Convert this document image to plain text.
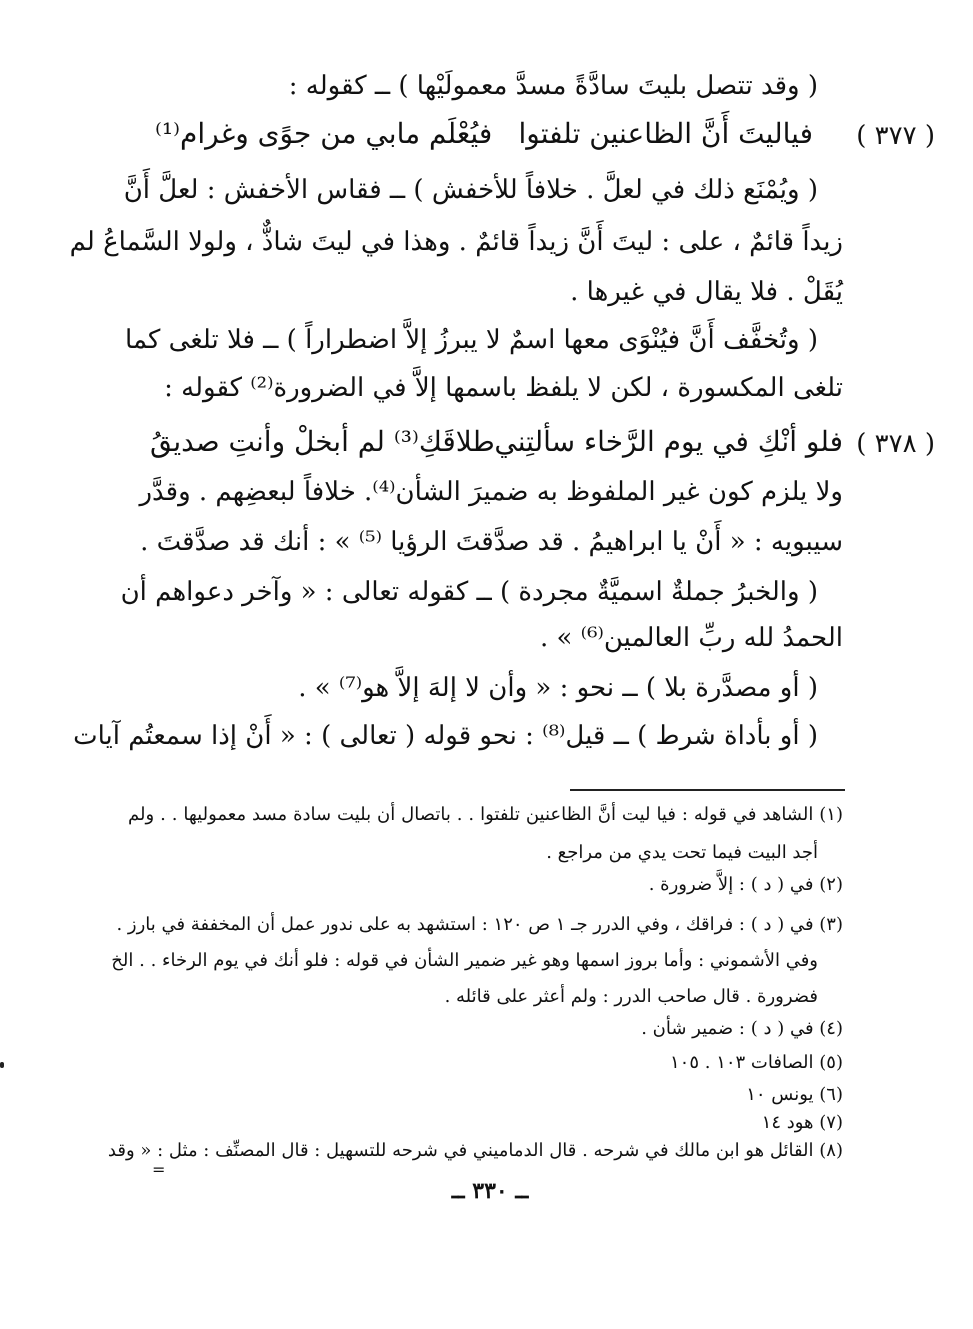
( وقد تتصل بليتَ سادَّةً مسدَّ معمولَيْها ) ــ كقوله :
( ٣٧٧ )
فياليتَ أَنَّ الظاعنين تلفتوا
فيُعْلَم مابي من جوًى وغرام⁽¹⁾
( ويُمْنَع ذلك في لعلَّ . خلافاً للأخفش ) ــ فقاس الأخفش : لعلَّ أَنَّ
زيداً قائمٌ ، على : ليتَ أَنَّ زيداً قائمٌ . وهذا في ليتَ شاذٌّ ، ولولا السَّماعُ لم
يُقَلْ . فلا يقال في غيرها .
( وتُخفَّف أَنَّ فيُنْوَى معها اسمٌ لا يبرزُ إلاَّ اضطراراً ) ــ فلا تلغى كما
تلغى المكسورة ، لكن لا يلفظ باسمها إلاَّ في الضرورة⁽²⁾ كقوله :
( ٣٧٨ )
فلو أنْكِ في يوم الرَّخاء سألتِني
طلاقَكِ⁽³⁾ لم أبخلْ وأنتِ صديقُ
ولا يلزم كون غير الملفوظ به ضميرَ الشأن⁽⁴⁾. خلافاً لبعضِهم . وقدَّر
سيبويه : « أَنْ يا ابراهيمُ . قد صدَّقتَ الرؤيا ⁽⁵⁾ » : أنك قد صدَّقتَ .
( والخبرُ جملةٌ اسميَّةٌ مجردة ) ــ كقوله تعالى : « وآخر دعواهم أن
الحمدُ لله ربِّ العالمين⁽⁶⁾ » .
( أو مصدَّرة بلا ) ــ نحو : « وأن لا إلهَ إلاَّ هو⁽⁷⁾ » .
( أو بأداة شرط ) ــ قيل⁽⁸⁾ : نحو قوله ( تعالى ) : « أَنْ إذا سمعتُم آيات
(١) الشاهد في قوله : فيا ليت أنَّ الظاعنين تلفتوا . . باتصال أن بليت سادة مسد معموليها . . ولم
أجد البيت فيما تحت يدي من مراجع .
(٢) في ( د ) : إلاَّ ضرورة .
(٣) في ( د ) : فراقك ، وفي الدرر جـ ١ ص ١٢٠ : استشهد به على ندور عمل أن المخففة في بارز .
وفي الأشموني : وأما بروز اسمها وهو غير ضمير الشأن في قوله : فلو أنك في يوم الرخاء . . الخ
فضرورة . قال صاحب الدرر : ولم أعثر على قائله .
(٤) في ( د ) : ضمير شأن .
(٥) الصافات ١٠٣ . ١٠٥
(٦) يونس ١٠
(٧) هود ١٤
(٨) القائل هو ابن مالك في شرحه . قال الدماميني في شرحه للتسهيل : قال المصنِّف : مثل : « وقد
=
ــ ٣٣٠ ــ
